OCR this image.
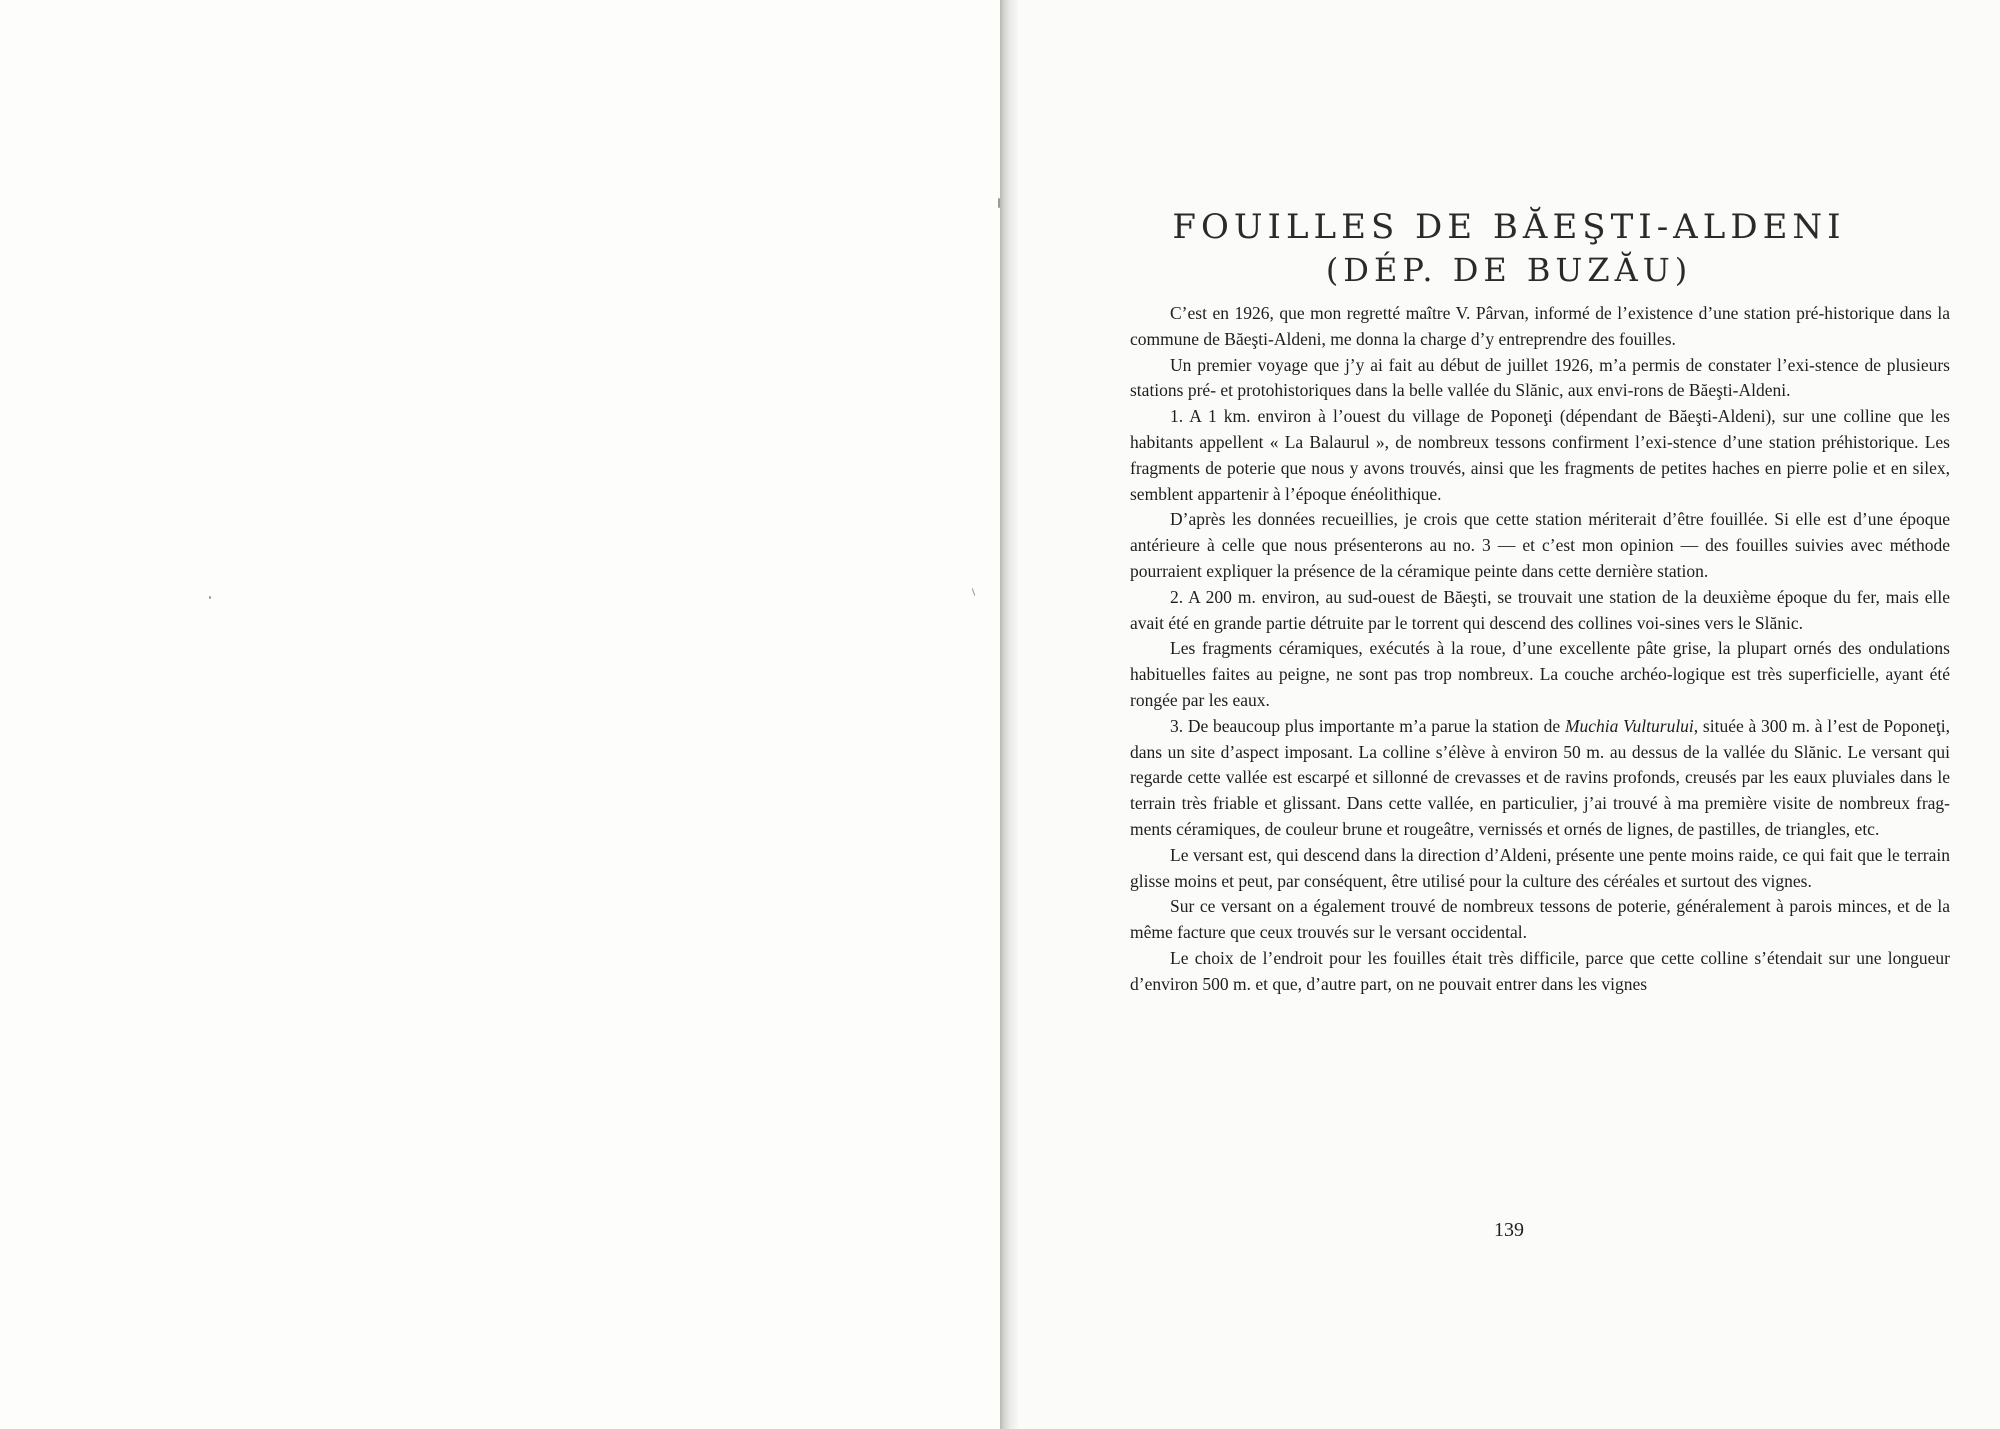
FOUILLES DE BĂEŞTI-ALDENI
(DÉP. DE BUZĂU)

C’est en 1926, que mon regretté maître V. Pârvan, informé de l’existence d’une station pré-historique dans la commune de Băeşti-Aldeni, me donna la charge d’y entreprendre des fouilles.

Un premier voyage que j’y ai fait au début de juillet 1926, m’a permis de constater l’exi-stence de plusieurs stations pré- et protohistoriques dans la belle vallée du Slănic, aux envi-rons de Băeşti-Aldeni.

1. A 1 km. environ à l’ouest du village de Poponeţi (dépendant de Băeşti-Aldeni), sur une colline que les habitants appellent « La Balaurul », de nombreux tessons confirment l’exi-stence d’une station préhistorique. Les fragments de poterie que nous y avons trouvés, ainsi que les fragments de petites haches en pierre polie et en silex, semblent appartenir à l’époque énéolithique.

D’après les données recueillies, je crois que cette station mériterait d’être fouillée. Si elle est d’une époque antérieure à celle que nous présenterons au no. 3 — et c’est mon opinion — des fouilles suivies avec méthode pourraient expliquer la présence de la céramique peinte dans cette dernière station.

2. A 200 m. environ, au sud-ouest de Băeşti, se trouvait une station de la deuxième époque du fer, mais elle avait été en grande partie détruite par le torrent qui descend des collines voi-sines vers le Slănic.

Les fragments céramiques, exécutés à la roue, d’une excellente pâte grise, la plupart ornés des ondulations habituelles faites au peigne, ne sont pas trop nombreux. La couche archéo-logique est très superficielle, ayant été rongée par les eaux.

3. De beaucoup plus importante m’a parue la station de Muchia Vulturului, située à 300 m. à l’est de Poponeţi, dans un site d’aspect imposant. La colline s’élève à environ 50 m. au dessus de la vallée du Slănic. Le versant qui regarde cette vallée est escarpé et sillonné de crevasses et de ravins profonds, creusés par les eaux pluviales dans le terrain très friable et glissant. Dans cette vallée, en particulier, j’ai trouvé à ma première visite de nombreux frag-ments céramiques, de couleur brune et rougeâtre, vernissés et ornés de lignes, de pastilles, de triangles, etc.

Le versant est, qui descend dans la direction d’Aldeni, présente une pente moins raide, ce qui fait que le terrain glisse moins et peut, par conséquent, être utilisé pour la culture des céréales et surtout des vignes.

Sur ce versant on a également trouvé de nombreux tessons de poterie, généralement à parois minces, et de la même facture que ceux trouvés sur le versant occidental.

Le choix de l’endroit pour les fouilles était très difficile, parce que cette colline s’étendait sur une longueur d’environ 500 m. et que, d’autre part, on ne pouvait entrer dans les vignes

139
